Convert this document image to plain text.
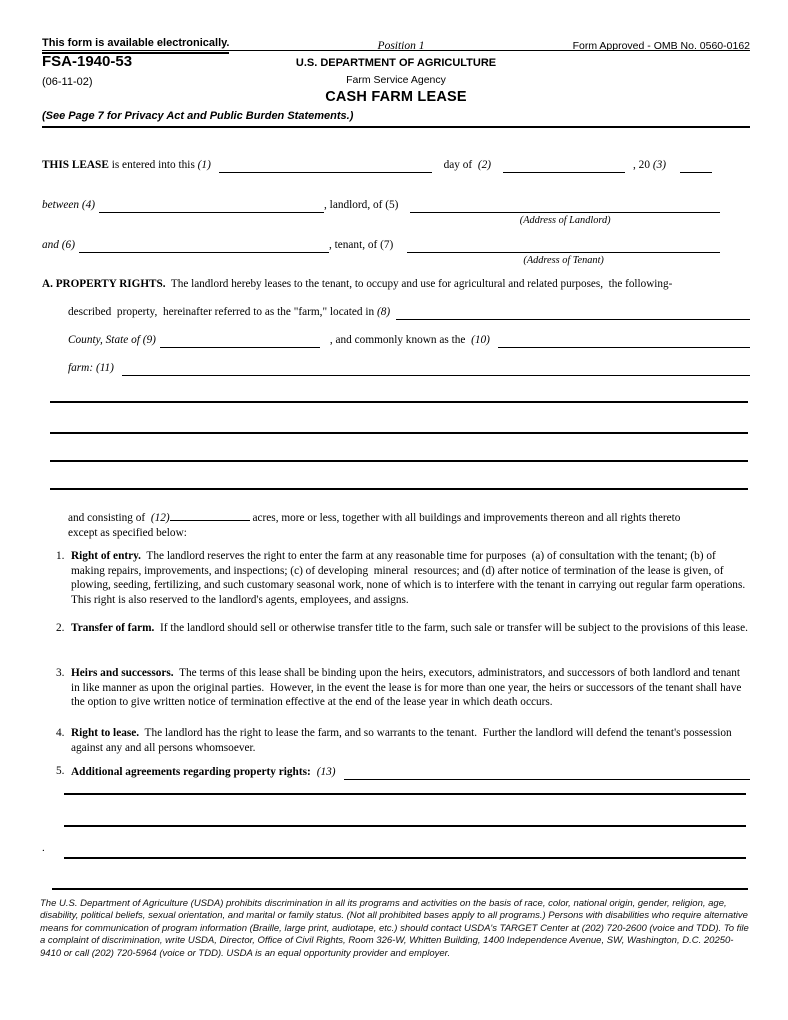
This form is available electronically.	Position 1	Form Approved - OMB No. 0560-0162
FSA-1940-53
(06-11-02)
U.S. DEPARTMENT OF AGRICULTURE
Farm Service Agency
CASH FARM LEASE
(See Page 7 for Privacy Act and Public Burden Statements.)
THIS LEASE is entered into this (1)	day of  (2)	, 20 (3)
between (4)	, landlord, of (5)
(Address of Landlord)
and (6)	, tenant, of (7)
(Address of Tenant)
A. PROPERTY RIGHTS.  The landlord hereby leases to the tenant, to occupy and use for agricultural and related purposes,  the following-
described  property,  hereinafter referred to as the "farm," located in (8)
County, State of (9)	, and commonly known as the  (10)
farm: (11)
and consisting of  (12)	acres, more or less, together with all buildings and improvements thereon and all rights thereto
except as specified below:
1. Right of entry.  The landlord reserves the right to enter the farm at any reasonable time for purposes  (a) of consultation with the tenant; (b) of making repairs, improvements, and inspections; (c) of developing  mineral  resources; and (d) after notice of termination of the lease is given, of plowing, seeding, fertilizing, and such customary seasonal work, none of which is to interfere with the tenant in carrying out regular farm operations.  This right is also reserved to the landlord's agents, employees, and assigns.
2. Transfer of farm.  If the landlord should sell or otherwise transfer title to the farm, such sale or transfer will be subject to the provisions of this lease.
3. Heirs and successors.  The terms of this lease shall be binding upon the heirs, executors, administrators, and successors of both landlord and tenant in like manner as upon the original parties.  However, in the event the lease is for more than one year, the heirs or successors of the tenant shall have the option to give written notice of termination effective at the end of the lease year in which death occurs.
4. Right to lease.  The landlord has the right to lease the farm, and so warrants to the tenant.  Further the landlord will defend the tenant's possession against any and all persons whomsoever.
5. Additional agreements regarding property rights: (13)
.
The U.S. Department of Agriculture (USDA) prohibits discrimination in all its programs and activities on the basis of race, color, national origin, gender, religion, age, disability, political beliefs, sexual orientation, and marital or family status. (Not all prohibited bases apply to all programs.) Persons with disabilities who require alternative means for communication of program information (Braille, large print, audiotape, etc.) should contact USDA's TARGET Center at (202) 720-2600 (voice and TDD). To file a complaint of discrimination, write USDA, Director, Office of Civil Rights, Room 326-W, Whitten Building, 1400 Independence Avenue, SW, Washington, D.C. 20250-9410 or call (202) 720-5964 (voice or TDD). USDA is an equal opportunity provider and employer.
